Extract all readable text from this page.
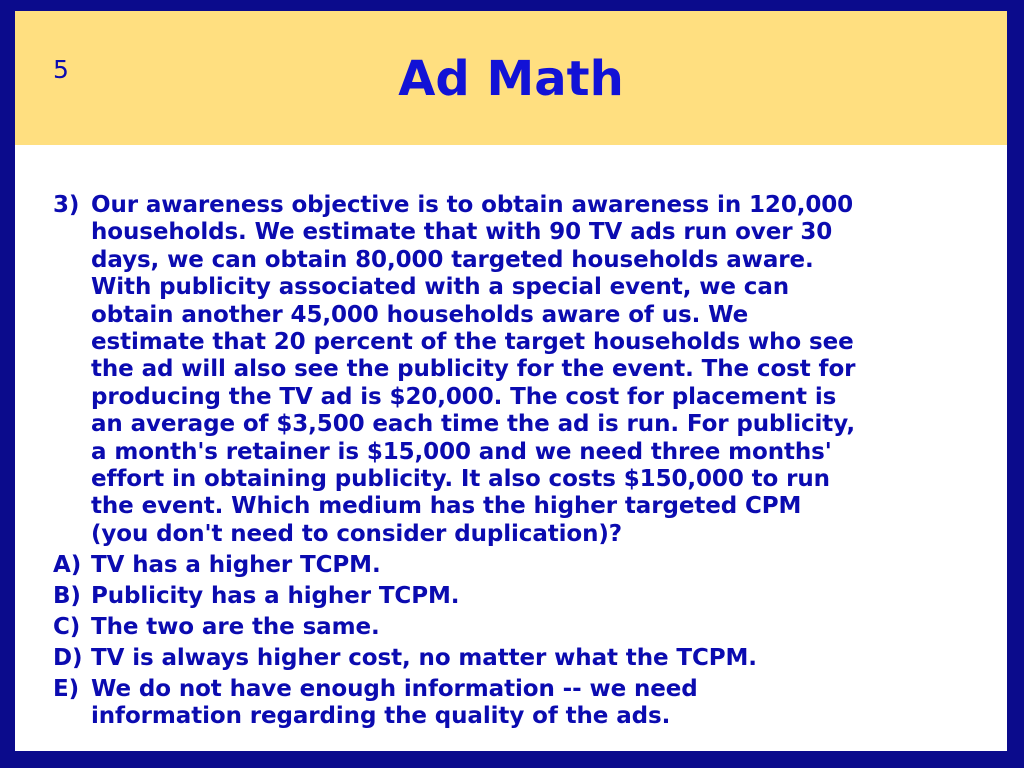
5	Ad Math
3) Our awareness objective is to obtain awareness in 120,000
households. We estimate that with 90 TV ads run over 30
days, we can obtain 80,000 targeted households aware.
With publicity associated with a special event, we can
obtain another 45,000 households aware of us. We
estimate that 20 percent of the target households who see
the ad will also see the publicity for the event. The cost for
producing the TV ad is $20,000. The cost for placement is
an average of $3,500 each time the ad is run. For publicity,
a month's retainer is $15,000 and we need three months'
effort in obtaining publicity. It also costs $150,000 to run
the event. Which medium has the higher targeted CPM
(you don't need to consider duplication)?
A) TV has a higher TCPM.
B) Publicity has a higher TCPM.
C) The two are the same.
D) TV is always higher cost, no matter what the TCPM.
E) We do not have enough information -- we need
information regarding the quality of the ads.
